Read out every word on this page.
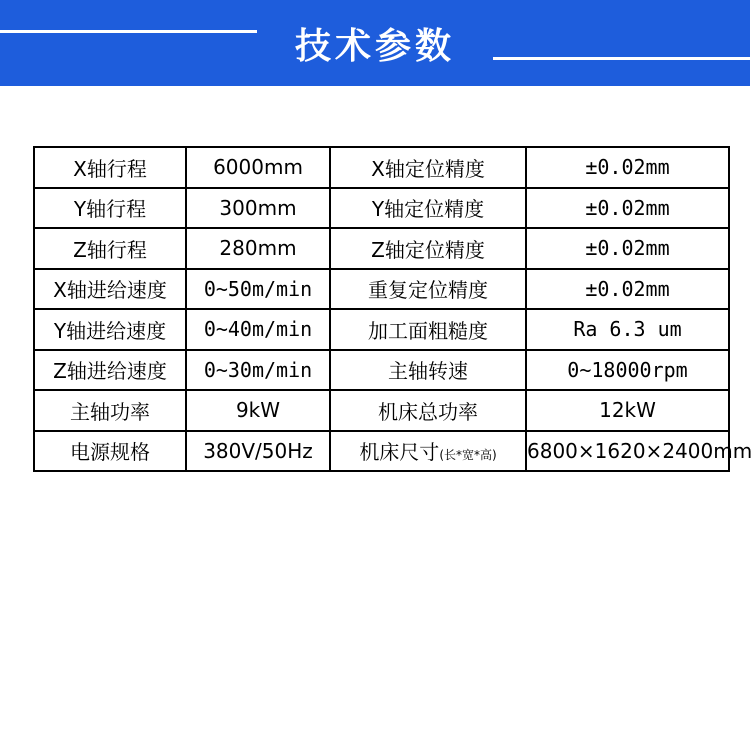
技术参数
X轴行程	6000mm	X轴定位精度	±0.02mm
Y轴行程	300mm	Y轴定位精度	±0.02mm
Z轴行程	280mm	Z轴定位精度	±0.02mm
X轴进给速度	0~50m/min	重复定位精度	±0.02mm
Y轴进给速度	0~40m/min	加工面粗糙度	Ra 6.3 um
Z轴进给速度	0~30m/min	主轴转速	0~18000rpm
主轴功率	9kW	机床总功率	12kW
电源规格	380V/50Hz	机床尺寸(长*宽*高)	6800×1620×2400mm
